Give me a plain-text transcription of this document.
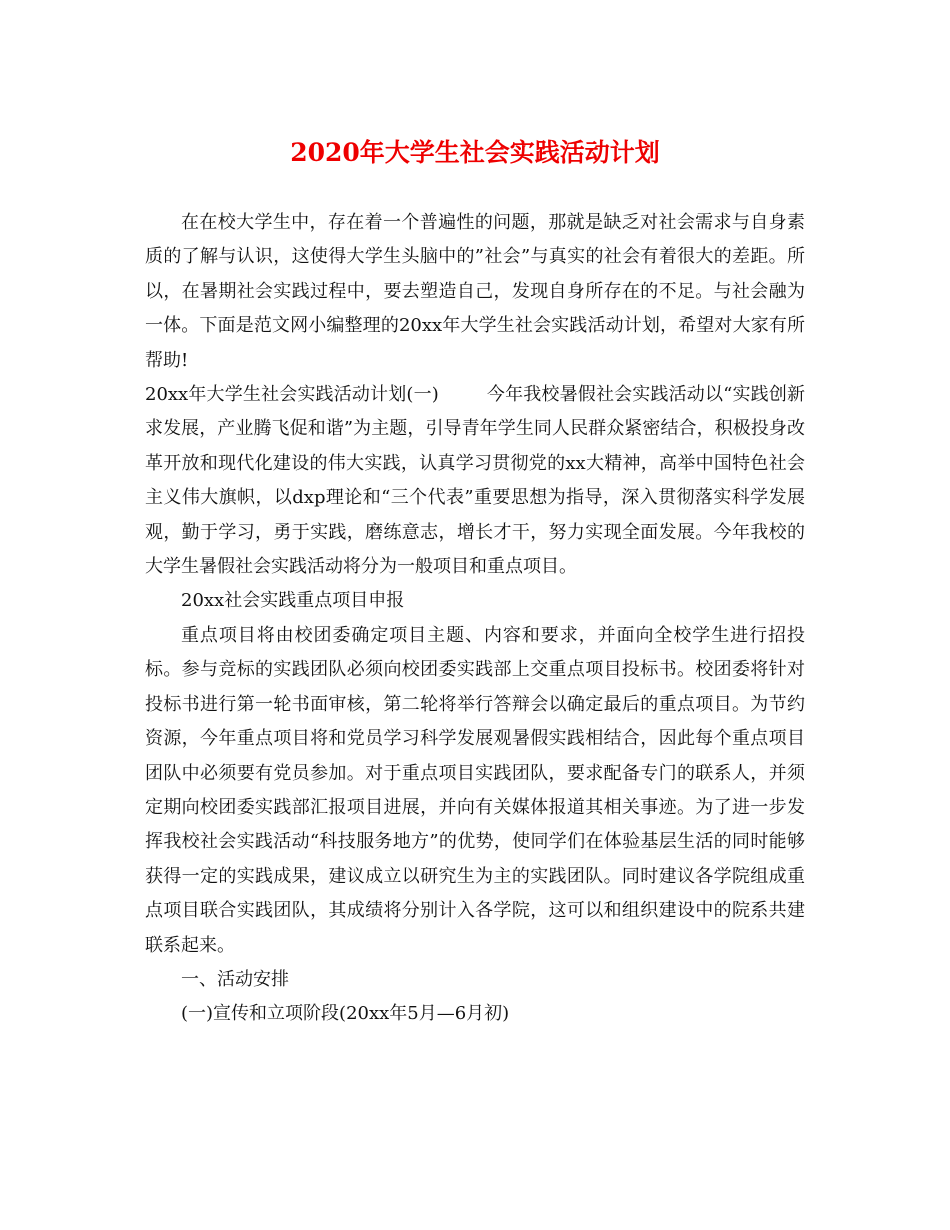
2020年大学生社会实践活动计划

在在校大学生中，存在着一个普遍性的问题，那就是缺乏对社会需求与自身素质的了解与认识，这使得大学生头脑中的”社会”与真实的社会有着很大的差距。所以，在暑期社会实践过程中，要去塑造自己，发现自身所存在的不足。与社会融为一体。下面是范文网小编整理的20xx年大学生社会实践活动计划，希望对大家有所帮助!

20xx年大学生社会实践活动计划(一)	今年我校暑假社会实践活动以“实践创新求发展，产业腾飞促和谐”为主题，引导青年学生同人民群众紧密结合，积极投身改革开放和现代化建设的伟大实践，认真学习贯彻党的xx大精神，高举中国特色社会主义伟大旗帜，以dxp理论和“三个代表”重要思想为指导，深入贯彻落实科学发展观，勤于学习，勇于实践，磨练意志，增长才干，努力实现全面发展。今年我校的大学生暑假社会实践活动将分为一般项目和重点项目。

20xx社会实践重点项目申报

重点项目将由校团委确定项目主题、内容和要求，并面向全校学生进行招投标。参与竞标的实践团队必须向校团委实践部上交重点项目投标书。校团委将针对投标书进行第一轮书面审核，第二轮将举行答辩会以确定最后的重点项目。为节约资源，今年重点项目将和党员学习科学发展观暑假实践相结合，因此每个重点项目团队中必须要有党员参加。对于重点项目实践团队，要求配备专门的联系人，并须定期向校团委实践部汇报项目进展，并向有关媒体报道其相关事迹。为了进一步发挥我校社会实践活动“科技服务地方”的优势，使同学们在体验基层生活的同时能够获得一定的实践成果，建议成立以研究生为主的实践团队。同时建议各学院组成重点项目联合实践团队，其成绩将分别计入各学院，这可以和组织建设中的院系共建联系起来。

一、活动安排

(一)宣传和立项阶段(20xx年5月—6月初)
